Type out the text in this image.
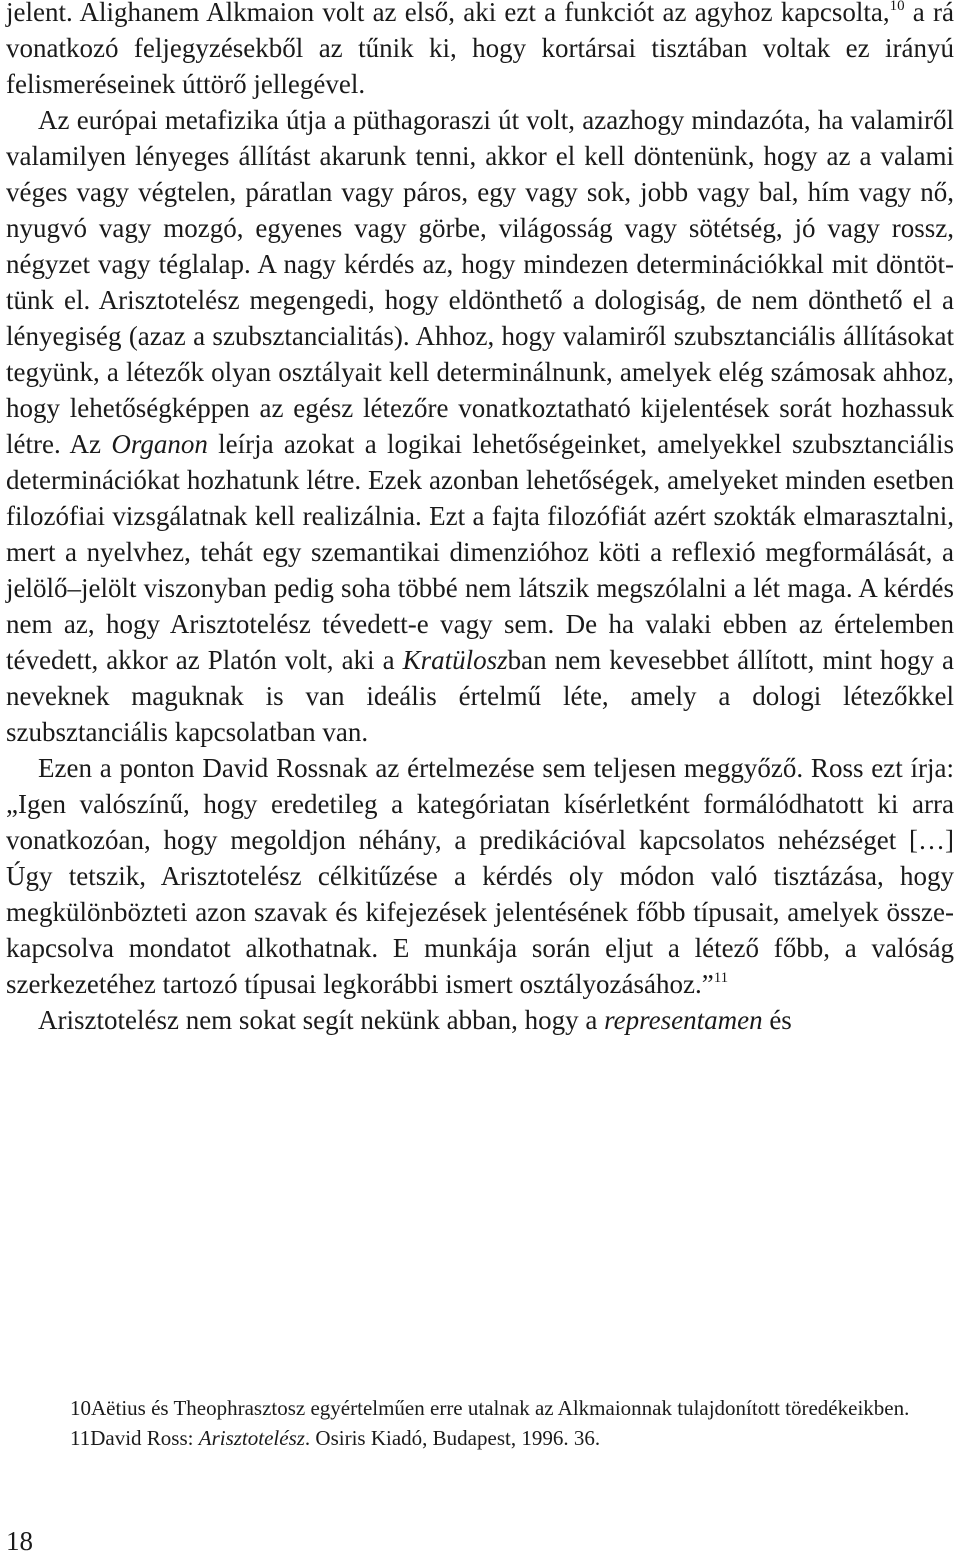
jelent. Alighanem Alkmaion volt az első, aki ezt a funkciót az agyhoz kapcsolta,$^{10}$ a rá vonatkozó feljegyzésekből az tűnik ki, hogy kortársai tisztában voltak ez irányú felismeréseinek úttörő jellegével.

Az európai metafizika útja a püthagoraszi út volt, azazhogy mindazóta, ha valamiről valamilyen lényeges állítást akarunk tenni, akkor el kell döntenünk, hogy az a valami véges vagy végtelen, páratlan vagy páros, egy vagy sok, jobb vagy bal, hím vagy nő, nyugvó vagy mozgó, egyenes vagy görbe, világosság vagy sötétség, jó vagy rossz, négyzet vagy téglalap. A nagy kérdés az, hogy mindezen determinációkkal mit döntöttünk el. Arisztotelész megengedi, hogy eldönthető a dologiság, de nem dönthető el a lényegiség (azaz a szubsztancialitás). Ahhoz, hogy valamiről szubsztanciális állításokat tegyünk, a létezők olyan osztályait kell determinálnunk, amelyek elég számosak ahhoz, hogy lehetőségképpen az egész létezőre vonatkoztatható kijelentések sorát hozhassuk létre. Az Organon leírja azokat a logikai lehetőségeinket, amelyekkel szubsztanciális determinációkat hozhatunk létre. Ezek azonban lehetőségek, amelyeket minden esetben filozófiai vizsgálatnak kell realizálnia. Ezt a fajta filozófiát azért szokták elmarasztalni, mert a nyelvhez, tehát egy szemantikai dimenzióhoz köti a reflexió megformálását, a jelölő–jelölt viszonyban pedig soha többé nem látszik megszólalni a lét maga. A kérdés nem az, hogy Arisztotelész tévedett-e vagy sem. De ha valaki ebben az értelemben tévedett, akkor az Platón volt, aki a Kratüloszban nem kevesebbet állított, mint hogy a neveknek maguknak is van ideális értelmű léte, amely a dologi létezőkkel szubsztanciális kapcsolatban van.

Ezen a ponton David Rossnak az értelmezése sem teljesen meggyőző. Ross ezt írja: „Igen valószínű, hogy eredetileg a kategóriatan kísérletként formálódhatott ki arra vonatkozóan, hogy megoldjon néhány, a predikációval kapcsolatos nehézséget […] Úgy tetszik, Arisztotelész célkitűzése a kérdés oly módon való tisztázása, hogy megkülönbözteti azon szavak és kifejezések jelentésének főbb típusait, amelyek összekapcsolva mondatot alkothatnak. E munkája során eljut a létező főbb, a valóság szerkezetéhez tartozó típusai legkorábbi ismert osztályozásához.”$^{11}$

Arisztotelész nem sokat segít nekünk abban, hogy a representamen és

10Aëtius és Theophrasztosz egyértelműen erre utalnak az Alkmaionnak tulajdonított töredékeikben.

11David Ross: Arisztotelész. Osiris Kiadó, Budapest, 1996. 36.

18
